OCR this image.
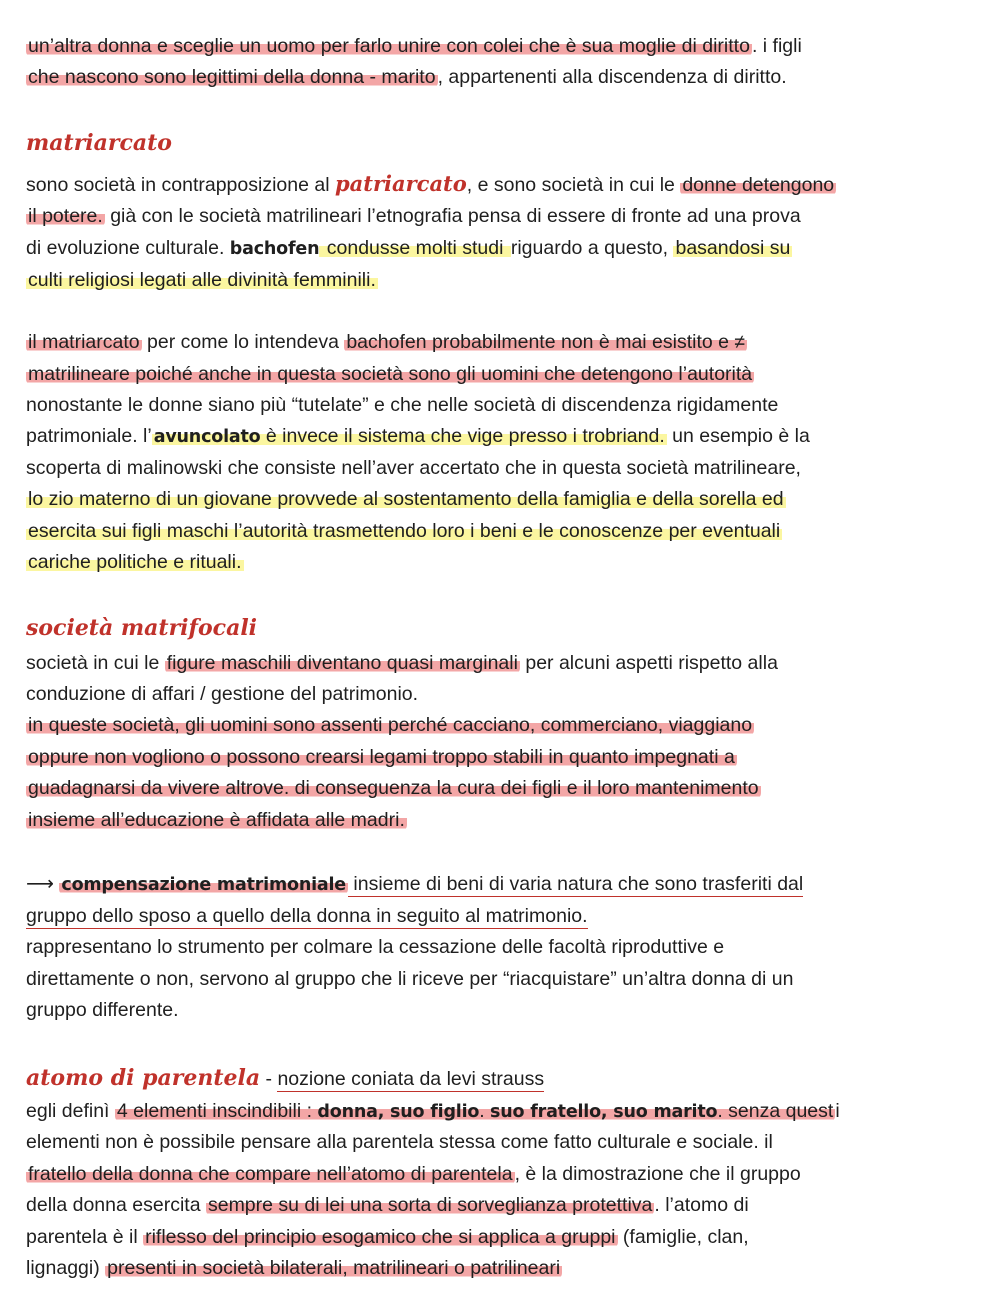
un’altra donna e sceglie un uomo per farlo unire con colei che è sua moglie di diritto . i figli
che nascono sono legittimi della donna - marito , appartenenti alla discendenza di diritto.
matriarcato
sono società in contrapposizione al patriarcato, e sono società in cui le donne detengono
il potere. già con le società matrilineari l’etnografia pensa di essere di fronte ad una prova
di evoluzione culturale. bachofen condusse molti studi riguardo a questo, basandosi su
culti religiosi legati alle divinità femminili.
il matriarcato per come lo intendeva bachofen probabilmente non è mai esistito e ≠
matrilineare poiché anche in questa società sono gli uomini che detengono l’autorità
nonostante le donne siano più “tutelate” e che nelle società di discendenza rigidamente
patrimoniale. l’ avuncolato è invece il sistema che vige presso i trobriand. un esempio è la
scoperta di malinowski che consiste nell’aver accertato che in questa società matrilineare,
lo zio materno di un giovane provvede al sostentamento della famiglia e della sorella ed
esercita sui figli maschi l’autorità trasmettendo loro i beni e le conoscenze per eventuali
cariche politiche e rituali.
società matrifocali
società in cui le figure maschili diventano quasi marginali per alcuni aspetti rispetto alla
conduzione di affari / gestione del patrimonio.
in queste società, gli uomini sono assenti perché cacciano, commerciano, viaggiano
oppure non vogliono o possono crearsi legami troppo stabili in quanto impegnati a
guadagnarsi da vivere altrove. di conseguenza la cura dei figli e il loro mantenimento
insieme all’educazione è affidata alle madri.
⟶ compensazione matrimoniale insieme di beni di varia natura che sono trasferiti dal
gruppo dello sposo a quello della donna in seguito al matrimonio.
rappresentano lo strumento per colmare la cessazione delle facoltà riproduttive e
direttamente o non, servono al gruppo che li riceve per “riacquistare” un’altra donna di un
gruppo differente.
atomo di parentela - nozione coniata da levi strauss
egli definì 4 elementi inscindibili : donna, suo figlio. suo fratello, suo marito. senza quest i
elementi non è possibile pensare alla parentela stessa come fatto culturale e sociale. il
fratello della donna che compare nell’atomo di parentela , è la dimostrazione che il gruppo
della donna esercita sempre su di lei una sorta di sorveglianza protettiva . l’atomo di
parentela è il riflesso del principio esogamico che si applica a gruppi (famiglie, clan,
lignaggi) presenti in società bilaterali, matrilineari o patrilineari
